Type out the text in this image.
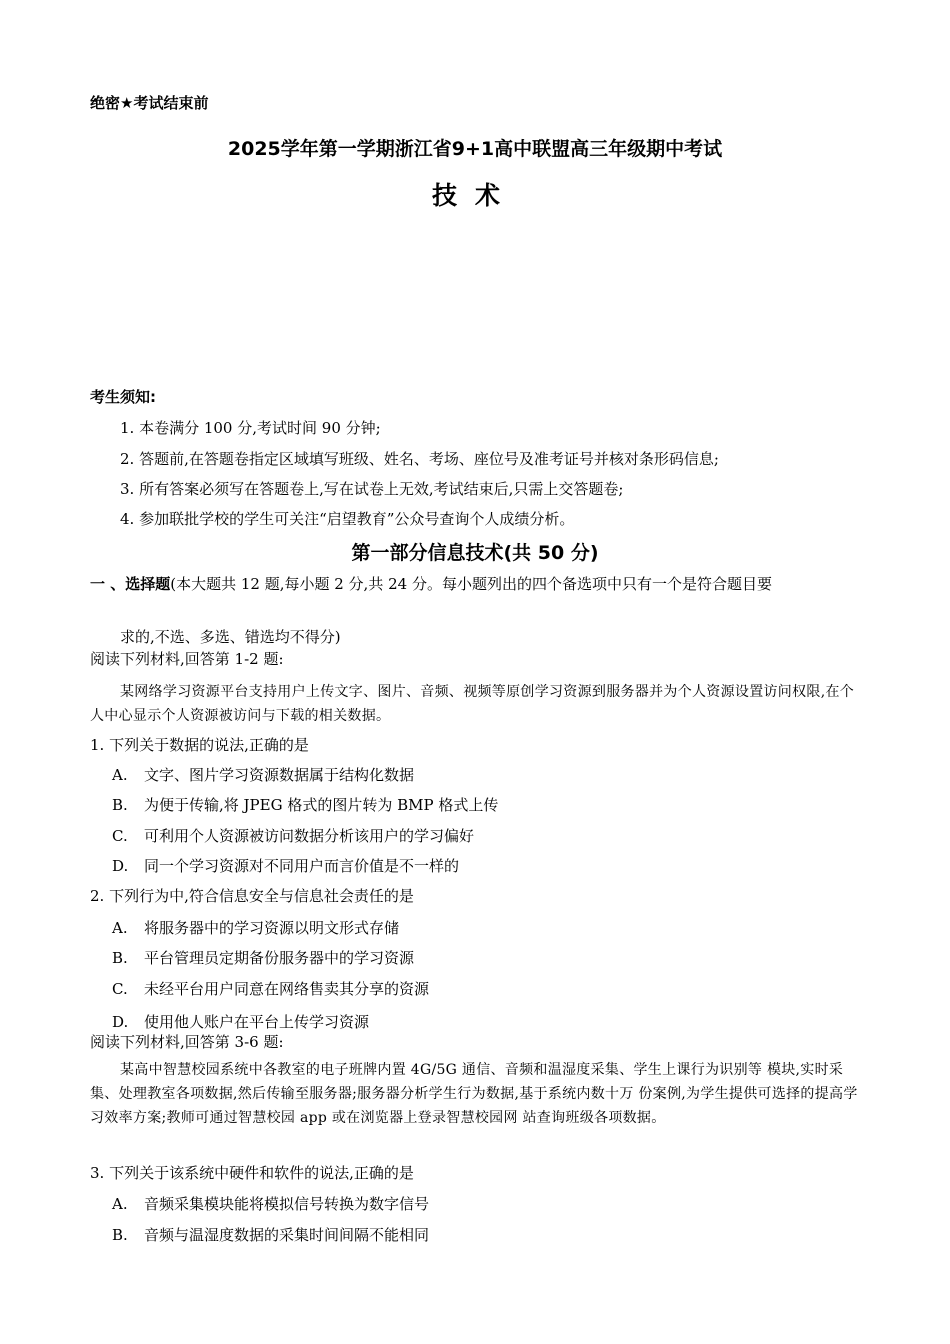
绝密★考试结束前
2025学年第一学期浙江省9+1高中联盟高三年级期中考试
技术
考生须知:
1. 本卷满分 100 分,考试时间 90 分钟;
2. 答题前,在答题卷指定区域填写班级、姓名、考场、座位号及准考证号并核对条形码信息;
3. 所有答案必须写在答题卷上,写在试卷上无效,考试结束后,只需上交答题卷;
4. 参加联批学校的学生可关注“启望教育”公众号查询个人成绩分析。
第一部分信息技术(共 50 分)
一 、选择题(本大题共 12 题,每小题 2 分,共 24 分。每小题列出的四个备选项中只有一个是符合题目要
求的,不选、多选、错选均不得分)
阅读下列材料,回答第 1-2 题:
某网络学习资源平台支持用户上传文字、图片、音频、视频等原创学习资源到服务器并为个人资源设置访问权限,在个人中心显示个人资源被访问与下载的相关数据。
1. 下列关于数据的说法,正确的是
A. 文字、图片学习资源数据属于结构化数据
B. 为便于传输,将 JPEG 格式的图片转为 BMP 格式上传
C. 可利用个人资源被访问数据分析该用户的学习偏好
D. 同一个学习资源对不同用户而言价值是不一样的
2. 下列行为中,符合信息安全与信息社会责任的是
A. 将服务器中的学习资源以明文形式存储
B. 平台管理员定期备份服务器中的学习资源
C. 未经平台用户同意在网络售卖其分享的资源
D. 使用他人账户在平台上传学习资源
阅读下列材料,回答第 3-6 题:
某高中智慧校园系统中各教室的电子班牌内置 4G/5G 通信、音频和温湿度采集、学生上课行为识别等 模块,实时采集、处理教室各项数据,然后传输至服务器;服务器分析学生行为数据,基于系统内数十万 份案例,为学生提供可选择的提高学习效率方案;教师可通过智慧校园 app 或在浏览器上登录智慧校园网 站查询班级各项数据。
3. 下列关于该系统中硬件和软件的说法,正确的是
A. 音频采集模块能将模拟信号转换为数字信号
B. 音频与温湿度数据的采集时间间隔不能相同
